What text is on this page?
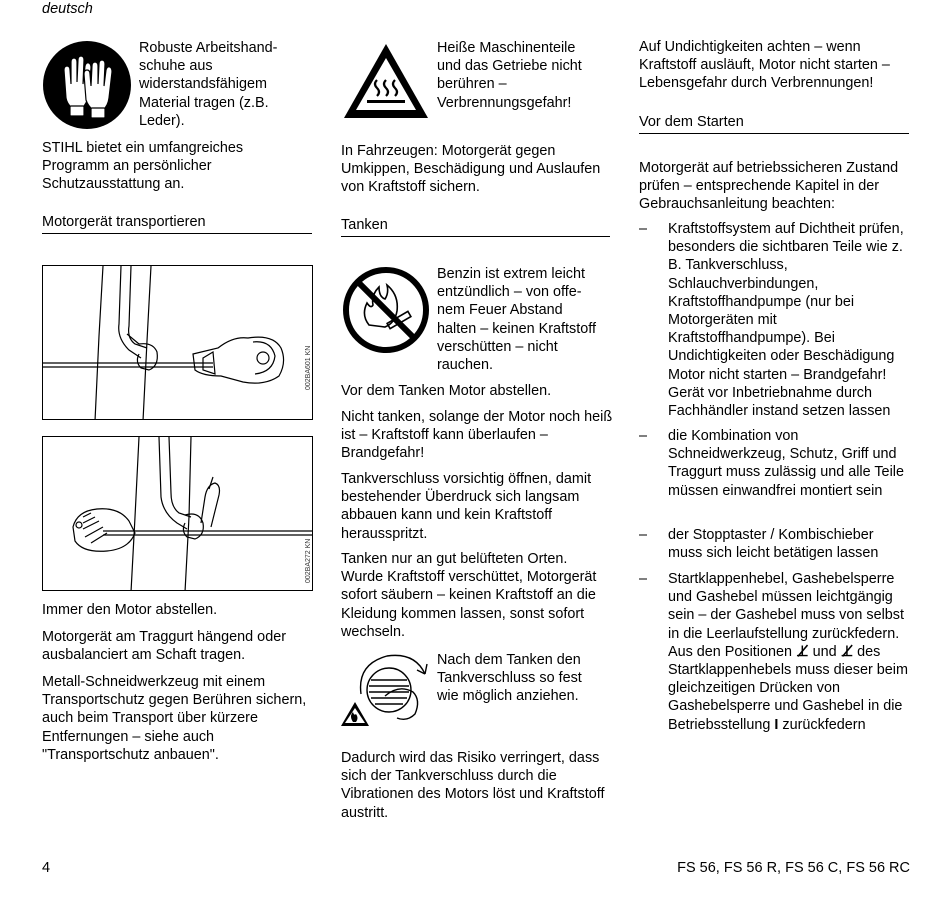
deutsch
Robuste Arbeitshand-
schuhe aus
widerstandsfähigem
Material tragen (z.B.
Leder).

STIHL bietet ein umfangreiches Programm an persönlicher Schutzausstattung an.

Motorgerät transportieren
002BA601 KN
002BA272 KN

Immer den Motor abstellen.

Motorgerät am Traggurt hängend oder ausbalanciert am Schaft tragen.

Metall-Schneidwerkzeug mit einem Transportschutz gegen Berühren sichern, auch beim Transport über kürzere Entfernungen – siehe auch "Transportschutz anbauen".

Heiße Maschinenteile
und das Getriebe nicht
berühren –
Verbrennungsgefahr!

In Fahrzeugen: Motorgerät gegen Umkippen, Beschädigung und Auslaufen von Kraftstoff sichern.

Tanken
Benzin ist extrem leicht
entzündlich – von offe-
nem Feuer Abstand
halten – keinen Kraftstoff
verschütten – nicht
rauchen.

Vor dem Tanken Motor abstellen.

Nicht tanken, solange der Motor noch heiß ist – Kraftstoff kann überlaufen – Brandgefahr!

Tankverschluss vorsichtig öffnen, damit bestehender Überdruck sich langsam abbauen kann und kein Kraftstoff herausspritzt.

Tanken nur an gut belüfteten Orten. Wurde Kraftstoff verschüttet, Motorgerät sofort säubern – keinen Kraftstoff an die Kleidung kommen lassen, sonst sofort wechseln.

Nach dem Tanken den
Tankverschluss so fest
wie möglich anziehen.

Dadurch wird das Risiko verringert, dass sich der Tankverschluss durch die Vibrationen des Motors löst und Kraftstoff austritt.

Auf Undichtigkeiten achten – wenn Kraftstoff ausläuft, Motor nicht starten – Lebensgefahr durch Verbrennungen!
Vor dem Starten

Motorgerät auf betriebssicheren Zustand prüfen – entsprechende Kapitel in der Gebrauchsanleitung beachten:

– Kraftstoffsystem auf Dichtheit prüfen, besonders die sichtbaren Teile wie z. B. Tankverschluss, Schlauchverbindungen, Kraftstoffhandpumpe (nur bei Motorgeräten mit Kraftstoffhandpumpe). Bei Undichtigkeiten oder Beschädigung Motor nicht starten – Brandgefahr! Gerät vor Inbetriebnahme durch Fachhändler instand setzen lassen
– die Kombination von Schneidwerkzeug, Schutz, Griff und Traggurt muss zulässig und alle Teile müssen einwandfrei montiert sein
– der Stopptaster / Kombischieber muss sich leicht betätigen lassen
– Startklappenhebel, Gashebelsperre und Gashebel müssen leichtgängig sein – der Gashebel muss von selbst in die Leerlaufstellung zurückfedern. Aus den Positionen ⊥̸ und ⊥̸ des Startklappenhebels muss dieser beim gleichzeitigen Drücken von Gashebelsperre und Gashebel in die Betriebsstellung I zurückfedern
4	FS 56, FS 56 R, FS 56 C, FS 56 RC
